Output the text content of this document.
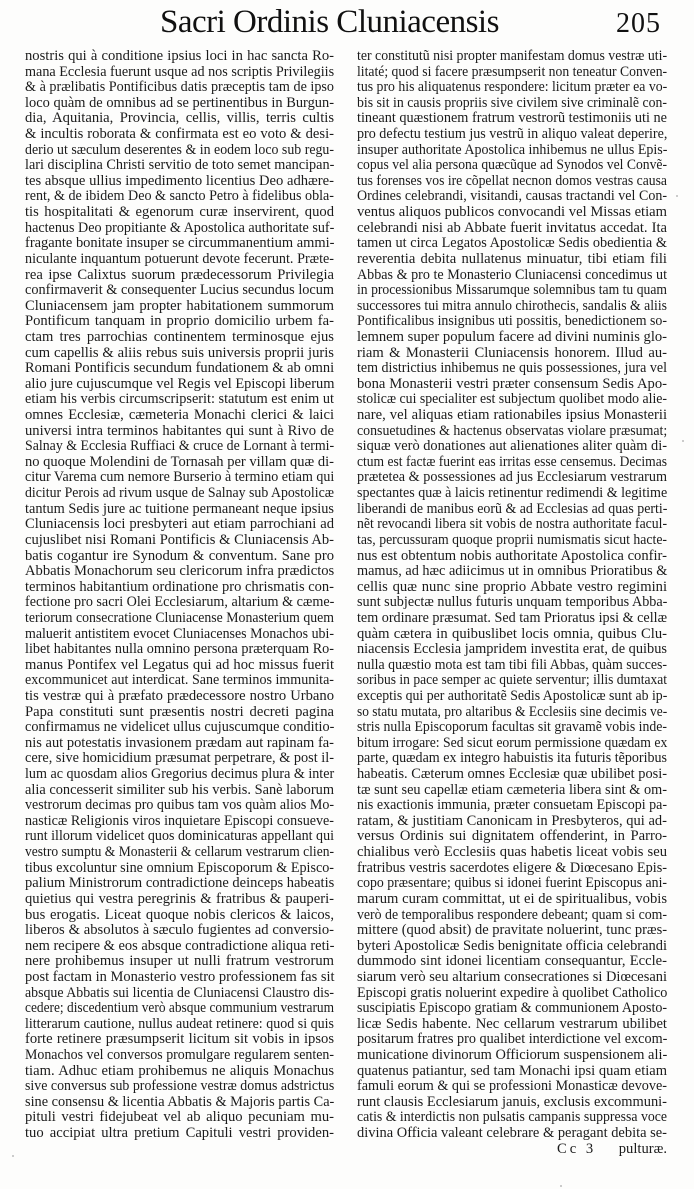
Sacri Ordinis Cluniacensis	205
nostris qui à conditione ipsius loci in hac sancta Ro-
mana Ecclesia fuerunt usque ad nos scriptis Privilegiis
& à prælibatis Pontificibus datis præceptis tam de ipso
loco quàm de omnibus ad se pertinentibus in Burgun-
dia, Aquitania, Provincia, cellis, villis, terris cultis
& incultis roborata & confirmata est eo voto & desi-
derio ut sæculum deserentes & in eodem loco sub regu-
lari disciplina Christi servitio de toto semet mancipan-
tes absque ullius impedimento licentius Deo adhære-
rent, & de ibidem Deo & sancto Petro à fidelibus obla-
tis hospitalitati & egenorum curæ inservirent, quod
hactenus Deo propitiante & Apostolica authoritate suf-
fragante bonitate insuper se circummanentium ammi-
niculante inquantum potuerunt devote fecerunt. Præte-
rea ipse Calixtus suorum prædecessorum Privilegia
confirmaverit & consequenter Lucius secundus locum
Cluniacensem jam propter habitationem summorum
Pontificum tanquam in proprio domicilio urbem fa-
ctam tres parrochias continentem terminosque ejus
cum capellis & aliis rebus suis universis proprii juris
Romani Pontificis secundum fundationem & ab omni
alio jure cujuscumque vel Regis vel Episcopi liberum
etiam his verbis circumscripserit: statutum est enim ut
omnes Ecclesiæ, cæmeteria Monachi clerici & laici
universi intra terminos habitantes qui sunt à Rivo de
Salnay & Ecclesia Ruffiaci & cruce de Lornant à termi-
no quoque Molendini de Tornasah per villam quæ di-
citur Varema cum nemore Burserio à termino etiam qui
dicitur Perois ad rivum usque de Salnay sub Apostolicæ
tantum Sedis jure ac tuitione permaneant neque ipsius
Cluniacensis loci presbyteri aut etiam parrochiani ad
cujuslibet nisi Romani Pontificis & Cluniacensis Ab-
batis cogantur ire Synodum & conventum. Sane pro
Abbatis Monachorum seu clericorum infra prædictos
terminos habitantium ordinatione pro chrismatis con-
fectione pro sacri Olei Ecclesiarum, altarium & cæme-
teriorum consecratione Cluniacense Monasterium quem
maluerit antistitem evocet Cluniacenses Monachos ubi-
libet habitantes nulla omnino persona præterquam Ro-
manus Pontifex vel Legatus qui ad hoc missus fuerit
excommunicet aut interdicat. Sane terminos immunita-
tis vestræ qui à præfato prædecessore nostro Urbano
Papa constituti sunt præsentis nostri decreti pagina
confirmamus ne videlicet ullus cujuscumque conditio-
nis aut potestatis invasionem prædam aut rapinam fa-
cere, sive homicidium præsumat perpetrare, & post il-
lum ac quosdam alios Gregorius decimus plura & inter
alia concesserit similiter sub his verbis. Sanè laborum
vestrorum decimas pro quibus tam vos quàm alios Mo-
nasticæ Religionis viros inquietare Episcopi consueve-
runt illorum videlicet quos dominicaturas appellant qui
vestro sumptu & Monasterii & cellarum vestrarum clien-
tibus excoluntur sine omnium Episcoporum & Episco-
palium Ministrorum contradictione deinceps habeatis
quietius qui vestra peregrinis & fratribus & pauperi-
bus erogatis. Liceat quoque nobis clericos & laicos,
liberos & absolutos à sæculo fugientes ad conversio-
nem recipere & eos absque contradictione aliqua reti-
nere prohibemus insuper ut nulli fratrum vestrorum
post factam in Monasterio vestro professionem fas sit
absque Abbatis sui licentia de Cluniacensi Claustro dis-
cedere; discedentium verò absque communium vestrarum
litterarum cautione, nullus audeat retinere: quod si quis
forte retinere præsumpserit licitum sit vobis in ipsos
Monachos vel conversos promulgare regularem senten-
tiam. Adhuc etiam prohibemus ne aliquis Monachus
sive conversus sub professione vestræ domus adstrictus
sine consensu & licentia Abbatis & Majoris partis Ca-
pituli vestri fidejubeat vel ab aliquo pecuniam mu-
tuo accipiat ultra pretium Capituli vestri providen-
ter constitutũ nisi propter manifestam domus vestræ uti-
litaté; quod si facere præsumpserit non teneatur Conven-
tus pro his aliquatenus respondere: licitum præter ea vo-
bis sit in causis propriis sive civilem sive criminalẽ con-
tineant quæstionem fratrum vestrorũ testimoniis uti ne
pro defectu testium jus vestrũ in aliquo valeat deperire,
insuper authoritate Apostolica inhibemus ne ullus Epis-
copus vel alia persona quæcũque ad Synodos vel Convẽ-
tus forenses vos ire cõpellat necnon domos vestras causa
Ordines celebrandi, visitandi, causas tractandi vel Con-
ventus aliquos publicos convocandi vel Missas etiam
celebrandi nisi ab Abbate fuerit invitatus accedat. Ita
tamen ut circa Legatos Apostolicæ Sedis obedientia &
reverentia debita nullatenus minuatur, tibi etiam fili
Abbas & pro te Monasterio Cluniacensi concedimus ut
in processionibus Missarumque solemnibus tam tu quam
successores tui mitra annulo chirothecis, sandalis & aliis
Pontificalibus insignibus uti possitis, benedictionem so-
lemnem super populum facere ad divini numinis glo-
riam & Monasterii Cluniacensis honorem. Illud au-
tem districtius inhibemus ne quis possessiones, jura vel
bona Monasterii vestri præter consensum Sedis Apo-
stolicæ cui specialiter est subjectum quolibet modo alie-
nare, vel aliquas etiam rationabiles ipsius Monasterii
consuetudines & hactenus observatas violare præsumat;
siquæ verò donationes aut alienationes aliter quàm di-
ctum est factæ fuerint eas irritas esse censemus. Decimas
prætetea & possessiones ad jus Ecclesiarum vestrarum
spectantes quæ à laicis retinentur redimendi & legitime
liberandi de manibus eorũ & ad Ecclesias ad quas perti-
nẽt revocandi libera sit vobis de nostra authoritate facul-
tas, percussuram quoque proprii numismatis sicut hacte-
nus est obtentum nobis authoritate Apostolica confir-
mamus, ad hæc adiicimus ut in omnibus Prioratibus &
cellis quæ nunc sine proprio Abbate vestro regimini
sunt subjectæ nullus futuris unquam temporibus Abba-
tem ordinare præsumat. Sed tam Prioratus ipsi & cellæ
quàm cætera in quibuslibet locis omnia, quibus Clu-
niacensis Ecclesia jampridem investita erat, de quibus
nulla quæstio mota est tam tibi fili Abbas, quàm succes-
soribus in pace semper ac quiete serventur; illis dumtaxat
exceptis qui per authoritatẽ Sedis Apostolicæ sunt ab ip-
so statu mutata, pro altaribus & Ecclesiis sine decimis ve-
stris nulla Episcoporum facultas sit gravamẽ vobis inde-
bitum irrogare: Sed sicut eorum permissione quædam ex
parte, quædam ex integro habuistis ita futuris tẽporibus
habeatis. Cæterum omnes Ecclesiæ quæ ubilibet posi-
tæ sunt seu capellæ etiam cæmeteria libera sint & om-
nis exactionis immunia, præter consuetam Episcopi pa-
ratam, & justitiam Canonicam in Presbyteros, qui ad-
versus Ordinis sui dignitatem offenderint, in Parro-
chialibus verò Ecclesiis quas habetis liceat vobis seu
fratribus vestris sacerdotes eligere & Diœcesano Epis-
copo præsentare; quibus si idonei fuerint Episcopus ani-
marum curam committat, ut ei de spiritualibus, vobis
verò de temporalibus respondere debeant; quam si com-
mittere (quod absit) de pravitate noluerint, tunc præs-
byteri Apostolicæ Sedis benignitate officia celebrandi
dummodo sint idonei licentiam consequantur, Eccle-
siarum verò seu altarium consecrationes si Diœcesani
Episcopi gratis noluerint expedire à quolibet Catholico
suscipiatis Episcopo gratiam & communionem Aposto-
licæ Sedis habente. Nec cellarum vestrarum ubilibet
positarum fratres pro qualibet interdictione vel excom-
municatione divinorum Officiorum suspensionem ali-
quatenus patiantur, sed tam Monachi ipsi quam etiam
famuli eorum & qui se professioni Monasticæ devove-
runt clausis Ecclesiarum januis, exclusis excommuni-
catis & interdictis non pulsatis campanis suppressa voce
divina Officia valeant celebrare & peragant debita se-
Cc 3 pulturæ.
